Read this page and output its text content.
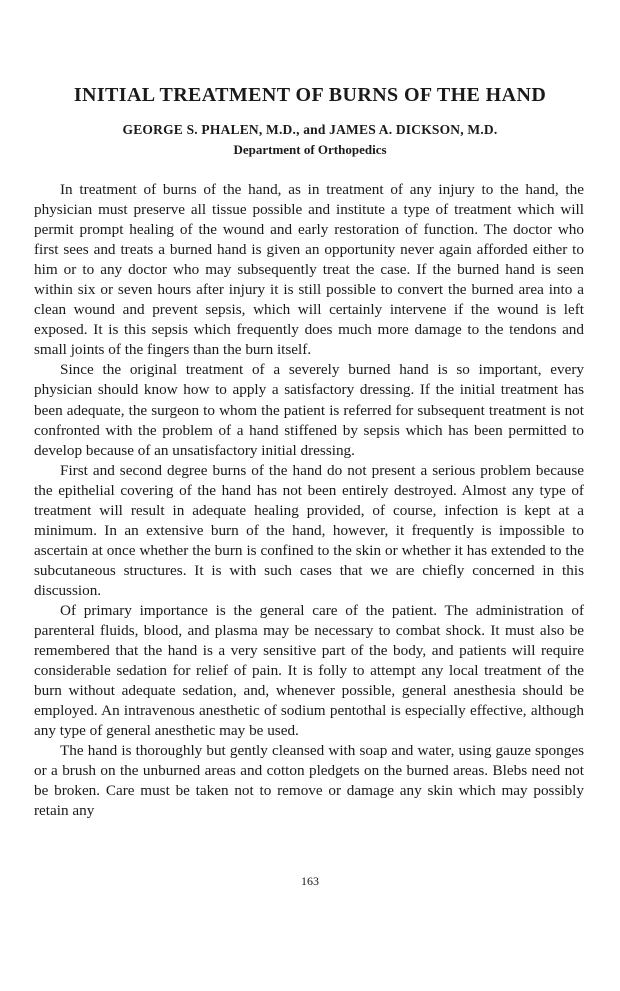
INITIAL TREATMENT OF BURNS OF THE HAND
GEORGE S. PHALEN, M.D., and JAMES A. DICKSON, M.D.
Department of Orthopedics

In treatment of burns of the hand, as in treatment of any injury to the hand, the physician must preserve all tissue possible and institute a type of treatment which will permit prompt healing of the wound and early restoration of function. The doctor who first sees and treats a burned hand is given an opportunity never again afforded either to him or to any doctor who may subsequently treat the case. If the burned hand is seen within six or seven hours after injury it is still possible to convert the burned area into a clean wound and prevent sepsis, which will certainly intervene if the wound is left exposed. It is this sepsis which frequently does much more damage to the tendons and small joints of the fingers than the burn itself.

Since the original treatment of a severely burned hand is so important, every physician should know how to apply a satisfactory dressing. If the initial treatment has been adequate, the surgeon to whom the patient is referred for subsequent treatment is not confronted with the problem of a hand stiffened by sepsis which has been permitted to develop because of an unsatisfactory initial dressing.

First and second degree burns of the hand do not present a serious problem because the epithelial covering of the hand has not been entirely destroyed. Almost any type of treatment will result in adequate healing provided, of course, infection is kept at a minimum. In an extensive burn of the hand, however, it frequently is impossible to ascertain at once whether the burn is confined to the skin or whether it has extended to the subcutaneous structures. It is with such cases that we are chiefly concerned in this discussion.

Of primary importance is the general care of the patient. The administration of parenteral fluids, blood, and plasma may be necessary to combat shock. It must also be remembered that the hand is a very sensitive part of the body, and patients will require considerable sedation for relief of pain. It is folly to attempt any local treatment of the burn without adequate sedation, and, whenever possible, general anesthesia should be employed. An intravenous anesthetic of sodium pentothal is especially effective, although any type of general anesthetic may be used.

The hand is thoroughly but gently cleansed with soap and water, using gauze sponges or a brush on the unburned areas and cotton pledgets on the burned areas. Blebs need not be broken. Care must be taken not to remove or damage any skin which may possibly retain any

163
